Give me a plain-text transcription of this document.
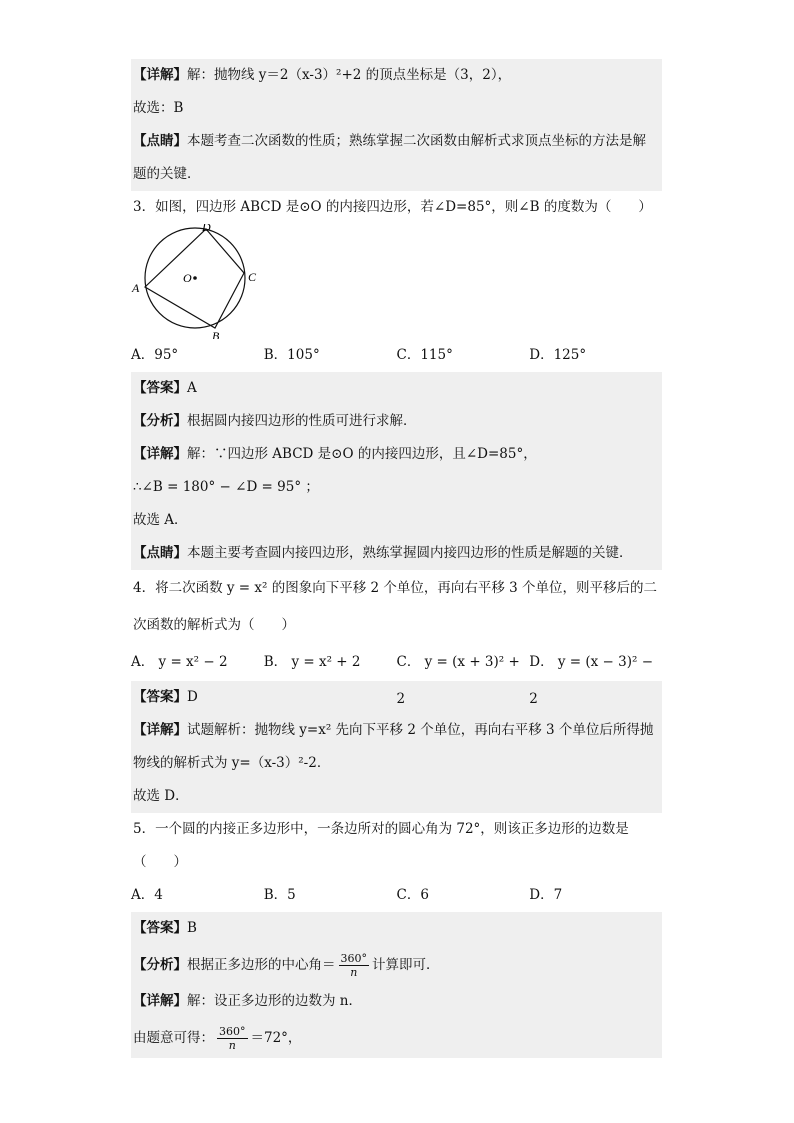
【详解】解：抛物线 y＝2（x-3）²+2 的顶点坐标是（3，2），
故选：B
【点睛】本题考查二次函数的性质；熟练掌握二次函数由解析式求顶点坐标的方法是解
题的关键．
3．如图，四边形 ABCD 是⊙O 的内接四边形，若∠D=85°，则∠B 的度数为（　　）
O
D
C
B
A
A．95°	B．105°	C．115°	D．125°
【答案】A
【分析】根据圆内接四边形的性质可进行求解．
【详解】解：∵四边形 ABCD 是⊙O 的内接四边形，且∠D=85°，
∴∠B = 180° − ∠D = 95° ；
故选 A．
【点睛】本题主要考查圆内接四边形，熟练掌握圆内接四边形的性质是解题的关键．
4．将二次函数 y = x² 的图象向下平移 2 个单位，再向右平移 3 个单位，则平移后的二
次函数的解析式为（　　）
A． y = x² − 2	B． y = x² + 2	C． y = (x + 3)² + 2
D． y = (x − 3)² − 2
【答案】D
【详解】试题解析：抛物线 y=x² 先向下平移 2 个单位，再向右平移 3 个单位后所得抛
物线的解析式为 y=（x-3）²-2．
故选 D．
5．一个圆的内接正多边形中，一条边所对的圆心角为 72°，则该正多边形的边数是
（　　）
A．4	B．5	C．6	D．7
【答案】B
【分析】根据正多边形的中心角＝ $\frac{360^\circ}{n}$ 计算即可．
【详解】解：设正多边形的边数为 n．
由题意可得： $\frac{360^\circ}{n} =72^\circ$，
